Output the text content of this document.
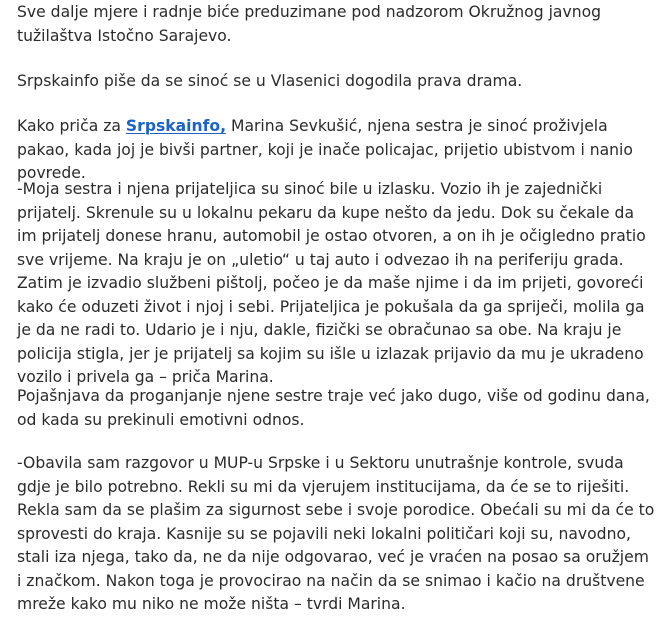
Sve dalje mjere i radnje biće preduzimane pod nadzorom Okružnog javnog tužilaštva Istočno Sarajevo.

Srpskainfo piše da se sinoć se u Vlasenici dogodila prava drama.

Kako priča za Srpskainfo, Marina Sevkušić, njena sestra je sinoć proživjela pakao, kada joj je bivši partner, koji je inače policajac, prijetio ubistvom i nanio povrede.

-Moja sestra i njena prijateljica su sinoć bile u izlasku. Vozio ih je zajednički prijatelj. Skrenule su u lokalnu pekaru da kupe nešto da jedu. Dok su čekale da im prijatelj donese hranu, automobil je ostao otvoren, a on ih je očigledno pratio sve vrijeme. Na kraju je on „uletio“ u taj auto i odvezao ih na periferiju grada. Zatim je izvadio službeni pištolj, počeo je da maše njime i da im prijeti, govoreći kako će oduzeti život i njoj i sebi. Prijateljica je pokušala da ga spriječi, molila ga je da ne radi to. Udario je i nju, dakle, fizički se obračunao sa obe. Na kraju je policija stigla, jer je prijatelj sa kojim su išle u izlazak prijavio da mu je ukradeno vozilo i privela ga – priča Marina.

Pojašnjava da proganjanje njene sestre traje već jako dugo, više od godinu dana, od kada su prekinuli emotivni odnos.

-Obavila sam razgovor u MUP-u Srpske i u Sektoru unutrašnje kontrole, svuda gdje je bilo potrebno. Rekli su mi da vjerujem institucijama, da će se to riješiti. Rekla sam da se plašim za sigurnost sebe i svoje porodice. Obećali su mi da će to sprovesti do kraja. Kasnije su se pojavili neki lokalni političari koji su, navodno, stali iza njega, tako da, ne da nije odgovarao, već je vraćen na posao sa oružjem i značkom. Nakon toga je provocirao na način da se snimao i kačio na društvene mreže kako mu niko ne može ništa – tvrdi Marina.
